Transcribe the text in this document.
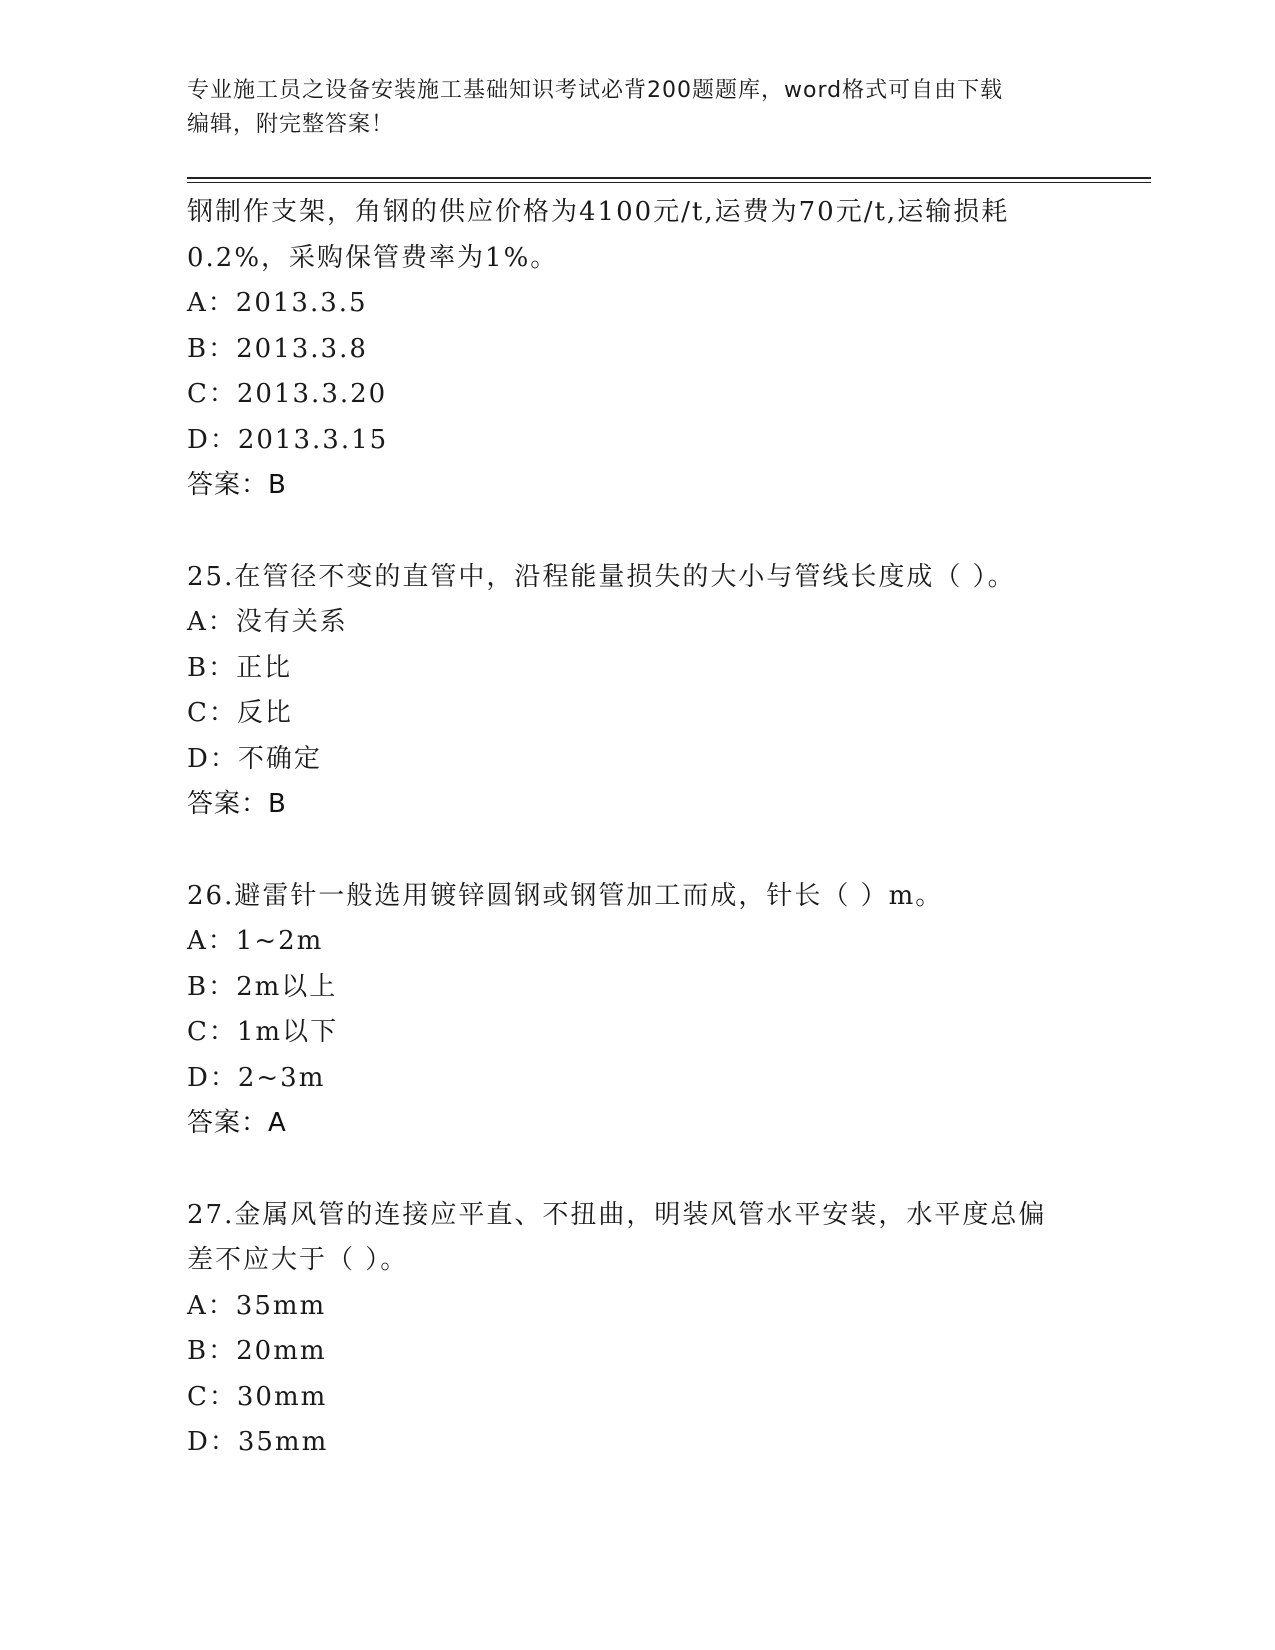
专业施工员之设备安装施工基础知识考试必背200题题库，word格式可自由下载

编辑，附完整答案！

钢制作支架，角钢的供应价格为4100元/t,运费为70元/t,运输损耗

0.2%，采购保管费率为1%。

A：2013.3.5

B：2013.3.8

C：2013.3.20

D：2013.3.15

答案：B

25.在管径不变的直管中，沿程能量损失的大小与管线长度成（ ）。

A：没有关系

B：正比

C：反比

D：不确定

答案：B

26.避雷针一般选用镀锌圆钢或钢管加工而成，针长（ ）m。

A：1~2m

B：2m以上

C：1m以下

D：2~3m

答案：A

27.金属风管的连接应平直、不扭曲，明装风管水平安装，水平度总偏

差不应大于（ ）。

A：35mm

B：20mm

C：30mm

D：35mm
